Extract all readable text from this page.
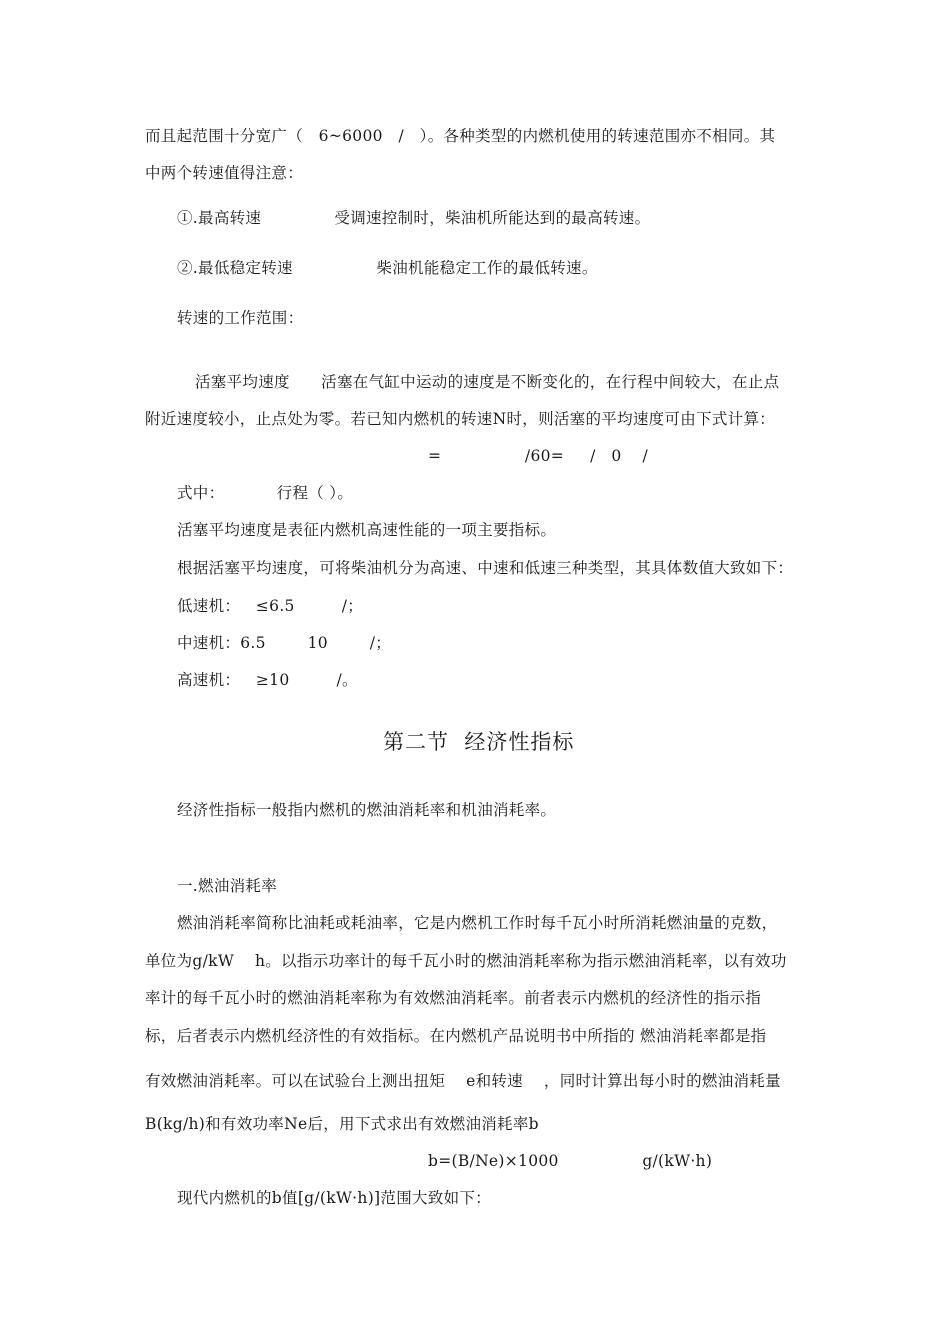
而且起范围十分宽广（   6~6000   /   ）。各种类型的内燃机使用的转速范围亦不相同。其
中两个转速值得注意：
①.最高转速              受调速控制时，柴油机所能达到的最高转速。
②.最低稳定转速                柴油机能稳定工作的最低转速。
转速的工作范围：
活塞平均速度      活塞在气缸中运动的速度是不断变化的，在行程中间较大，在止点
附近速度较小，止点处为零。若已知内燃机的转速N时，则活塞的平均速度可由下式计算：
=                /60=     /   0    /
式中：          行程（ ）。
活塞平均速度是表征内燃机高速性能的一项主要指标。
根据活塞平均速度，可将柴油机分为高速、中速和低速三种类型，其具体数值大致如下：
低速机：   ≤6.5         /；
中速机：6.5        10        /；
高速机：   ≥10         /。
第二节  经济性指标
经济性指标一般指内燃机的燃油消耗率和机油消耗率。
一.燃油消耗率
燃油消耗率简称比油耗或耗油率，它是内燃机工作时每千瓦小时所消耗燃油量的克数，
单位为g/kW    h。以指示功率计的每千瓦小时的燃油消耗率称为指示燃油消耗率，以有效功
率计的每千瓦小时的燃油消耗率称为有效燃油消耗率。前者表示内燃机的经济性的指示指
标，后者表示内燃机经济性的有效指标。在内燃机产品说明书中所指的 燃油消耗率都是指
有效燃油消耗率。可以在试验台上测出扭矩    e和转速    ，同时计算出每小时的燃油消耗量
B(kg/h)和有效功率Ne后，用下式求出有效燃油消耗率b
b=(B/Ne)×1000                g/(kW·h)
现代内燃机的b值[g/(kW·h)]范围大致如下：
